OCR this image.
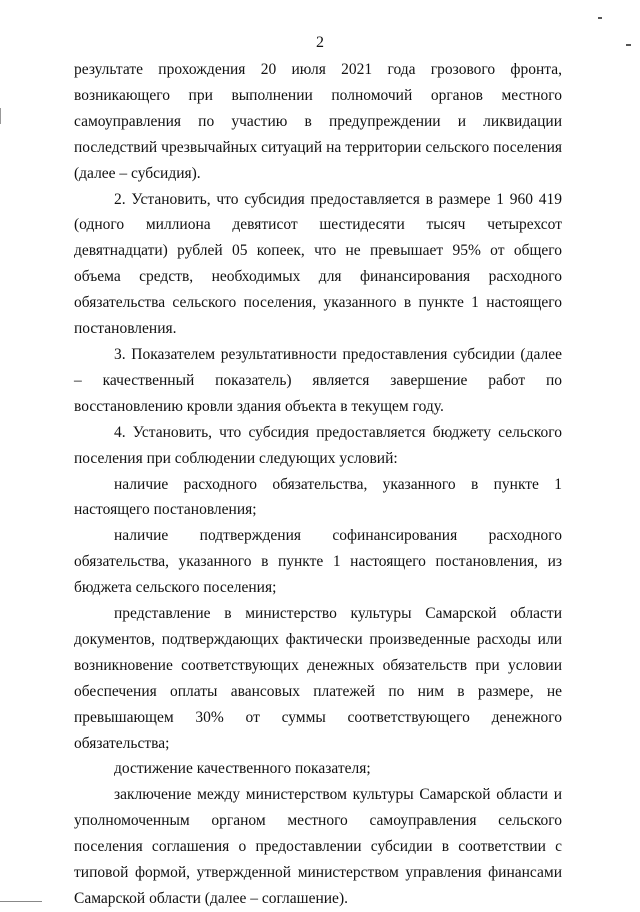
2

результате прохождения 20 июля 2021 года грозового фронта, возникающего при выполнении полномочий органов местного самоуправления по участию в предупреждении и ликвидации последствий чрезвычайных ситуаций на территории сельского поселения (далее – субсидия).

2. Установить, что субсидия предоставляется в размере 1 960 419 (одного миллиона девятисот шестидесяти тысяч четырехсот девятнадцати) рублей 05 копеек, что не превышает 95% от общего объема средств, необходимых для финансирования расходного обязательства сельского поселения, указанного в пункте 1 настоящего постановления.

3. Показателем результативности предоставления субсидии (далее – качественный показатель) является завершение работ по восстановлению кровли здания объекта в текущем году.

4. Установить, что субсидия предоставляется бюджету сельского поселения при соблюдении следующих условий:

наличие расходного обязательства, указанного в пункте 1 настоящего постановления;

наличие подтверждения софинансирования расходного обязательства, указанного в пункте 1 настоящего постановления, из бюджета сельского поселения;

представление в министерство культуры Самарской области документов, подтверждающих фактически произведенные расходы или возникновение соответствующих денежных обязательств при условии обеспечения оплаты авансовых платежей по ним в размере, не превышающем 30% от суммы соответствующего денежного обязательства;

достижение качественного показателя;

заключение между министерством культуры Самарской области и уполномоченным органом местного самоуправления сельского поселения соглашения о предоставлении субсидии в соответствии с типовой формой, утвержденной министерством управления финансами Самарской области (далее – соглашение).
